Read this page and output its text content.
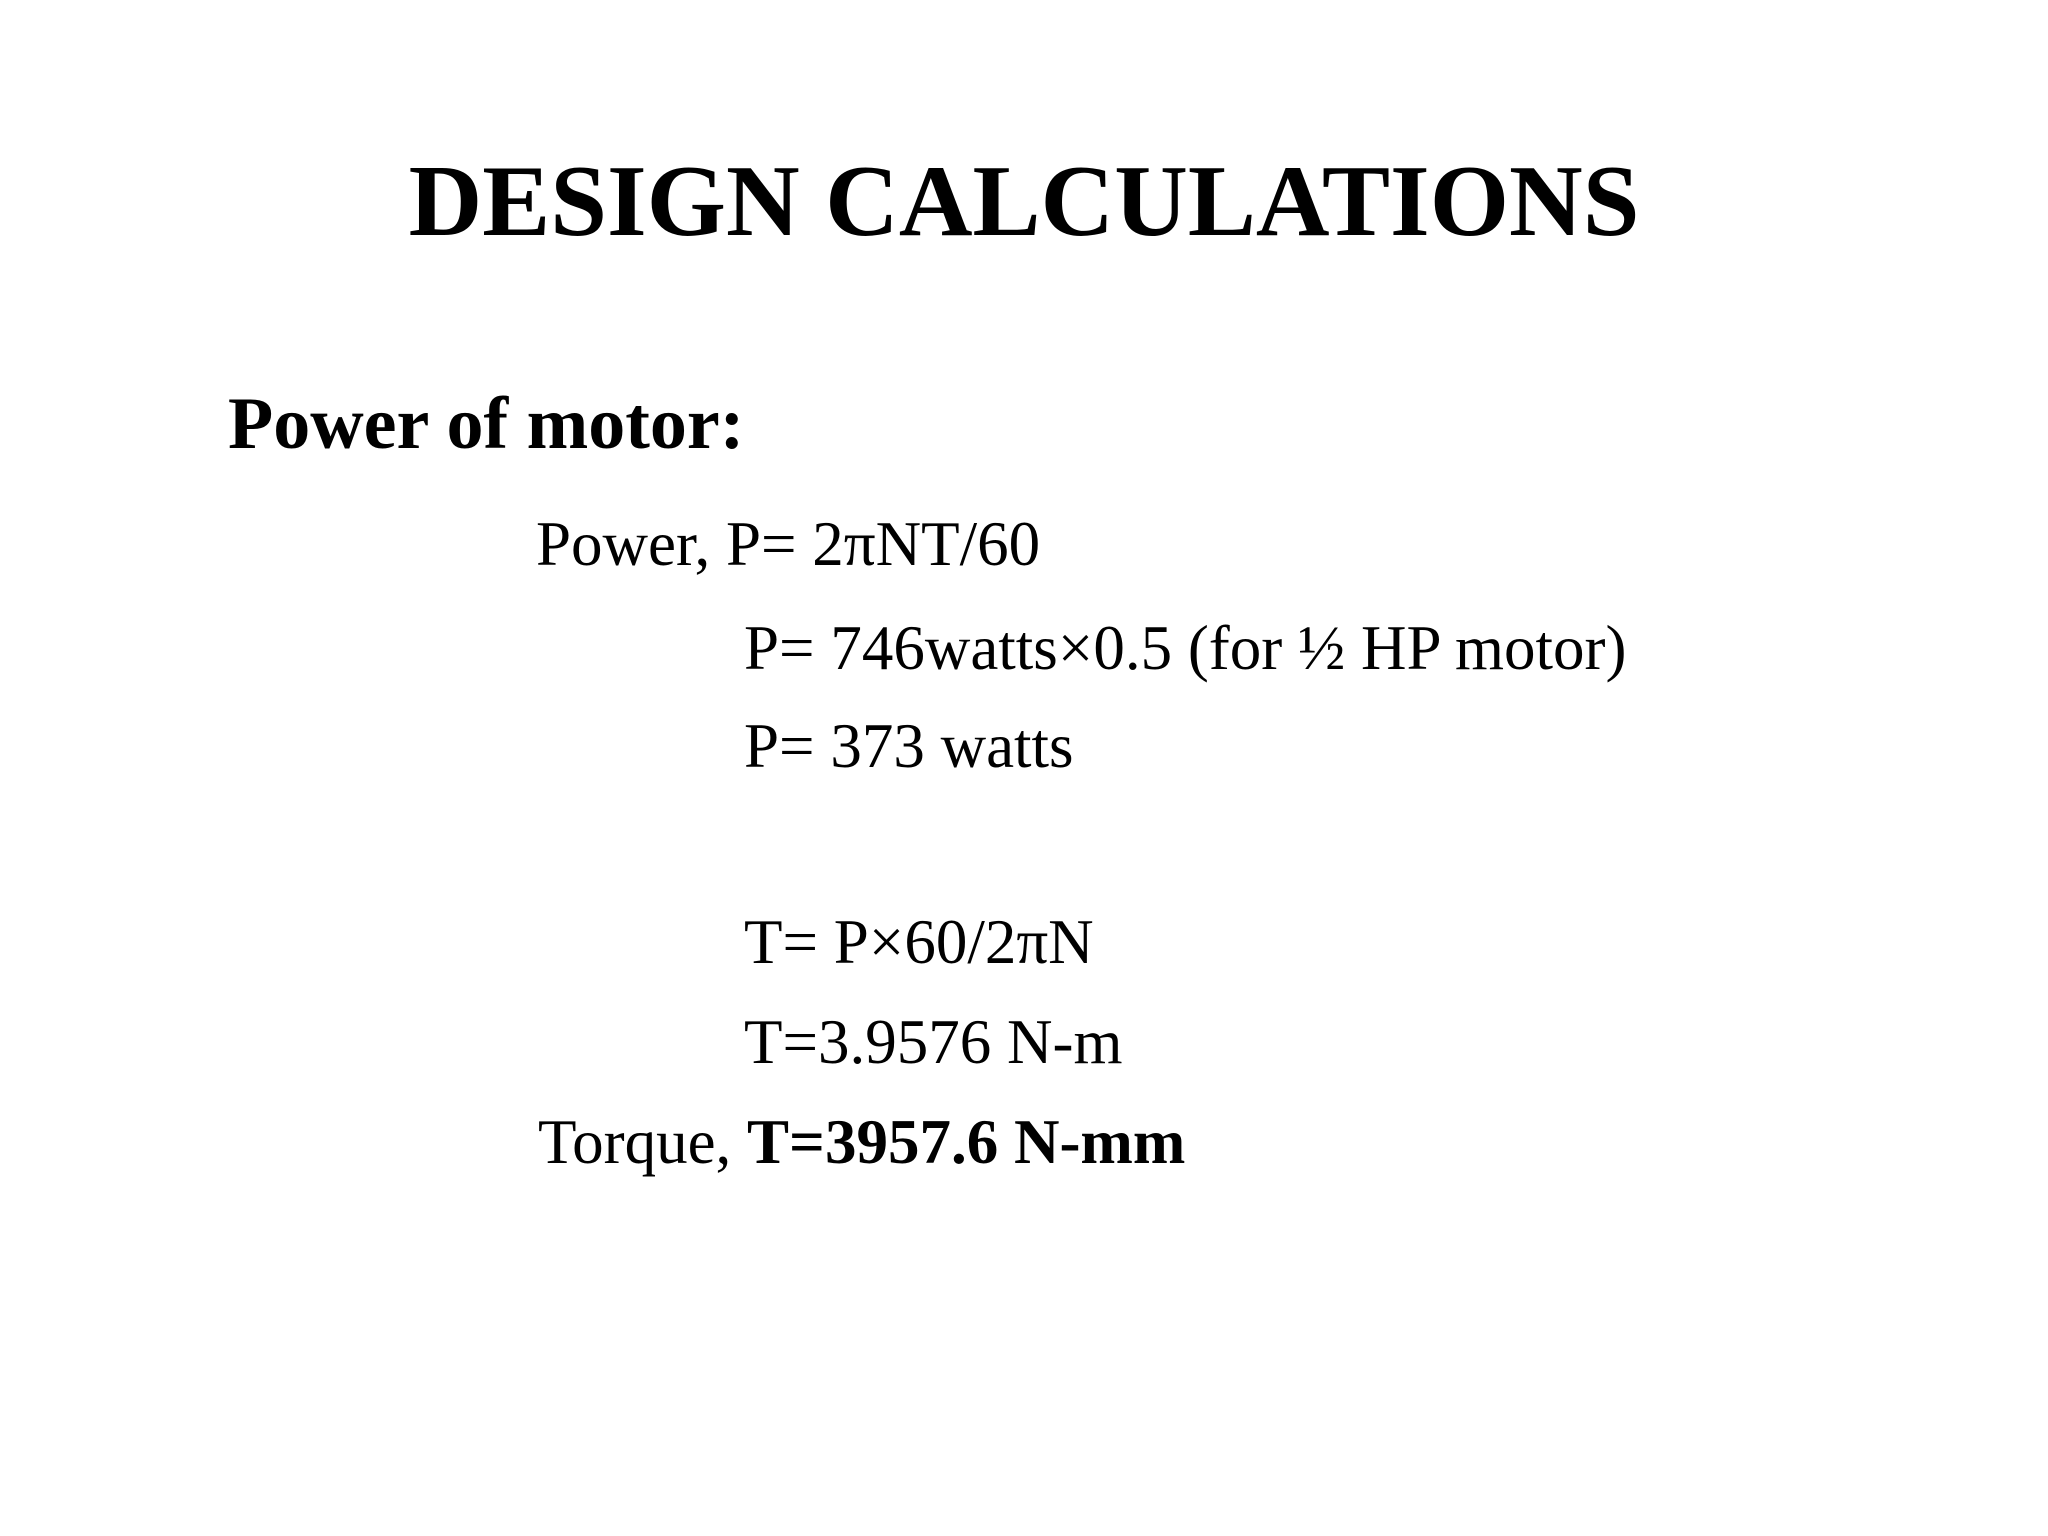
DESIGN CALCULATIONS
Power of motor:
Power, P= 2πNT/60
P= 746watts×0.5 (for ½ HP motor)
P= 373 watts
T= P×60/2πN
T=3.9576 N-m
Torque, T=3957.6 N-mm
